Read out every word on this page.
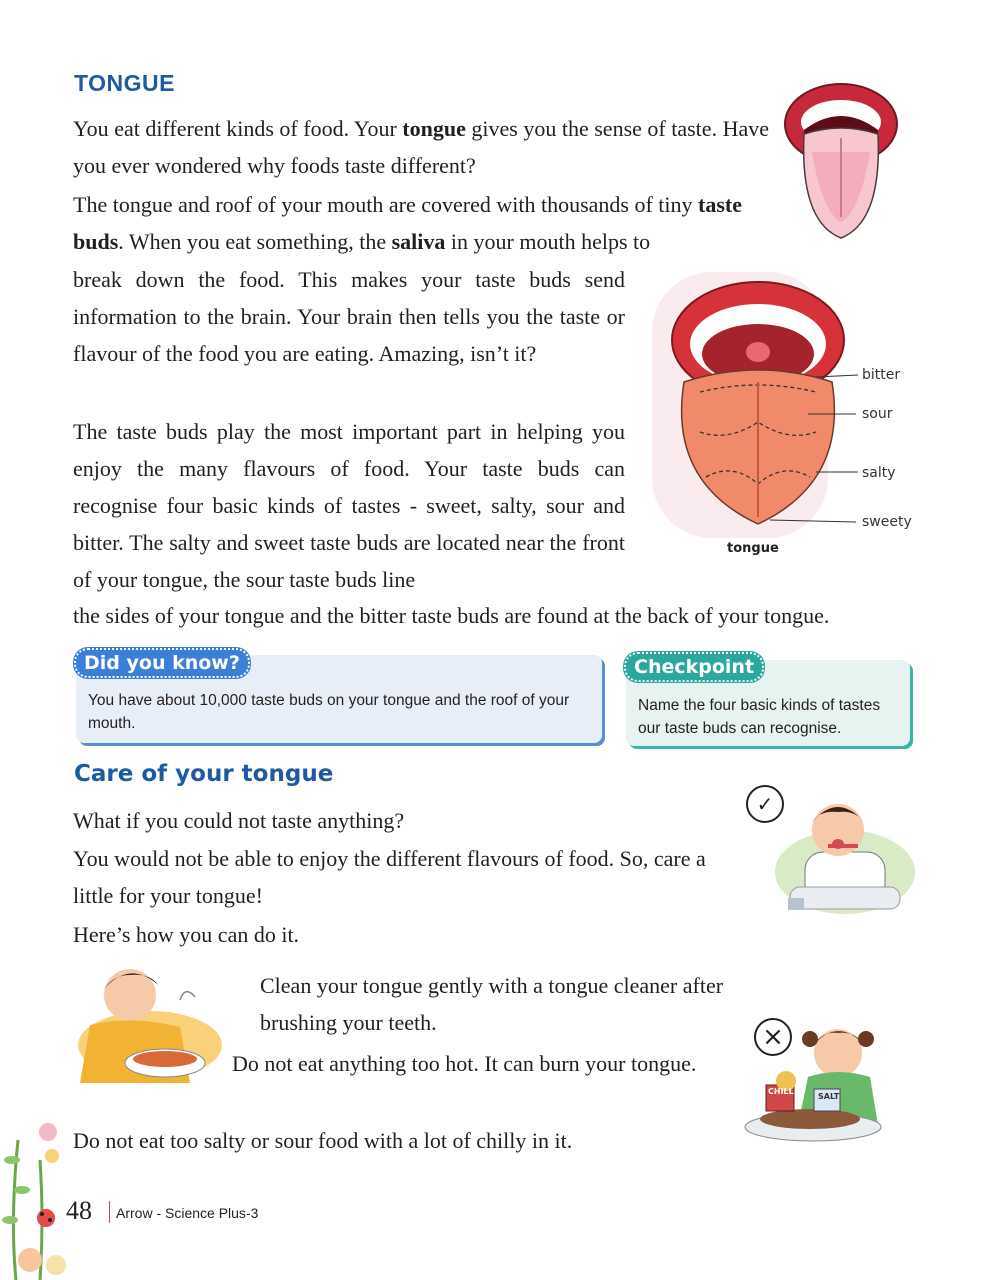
TONGUE

You eat different kinds of food. Your tongue gives you the sense of taste. Have you ever wondered why foods taste different?

The tongue and roof of your mouth are covered with thousands of tiny taste buds. When you eat something, the saliva in your mouth helps to

break down the food. This makes your taste buds send information to the brain. Your brain then tells you the taste or flavour of the food you are eating. Amazing, isn’t it?

The taste buds play the most important part in helping you enjoy the many flavours of food. Your taste buds can recognise four basic kinds of tastes - sweet, salty, sour and bitter. The salty and sweet taste buds are located near the front of your tongue, the sour taste buds line

the sides of your tongue and the bitter taste buds are found at the back of your tongue.

bitter
sour
salty
sweety
tongue
Did you know?
You have about 10,000 taste buds on your tongue and the roof of your mouth.
Checkpoint
Name the four basic kinds of tastes our taste buds can recognise.
Care of your tongue

What if you could not taste anything?

You would not be able to enjoy the different flavours of food. So, care a little for your tongue!

Here’s how you can do it.

Clean your tongue gently with a tongue cleaner after brushing your teeth.

Do not eat anything too hot. It can burn your tongue.

Do not eat too salty or sour food with a lot of chilly in it.

✓
×
CHILLI
SALT
48 Arrow - Science Plus-3
